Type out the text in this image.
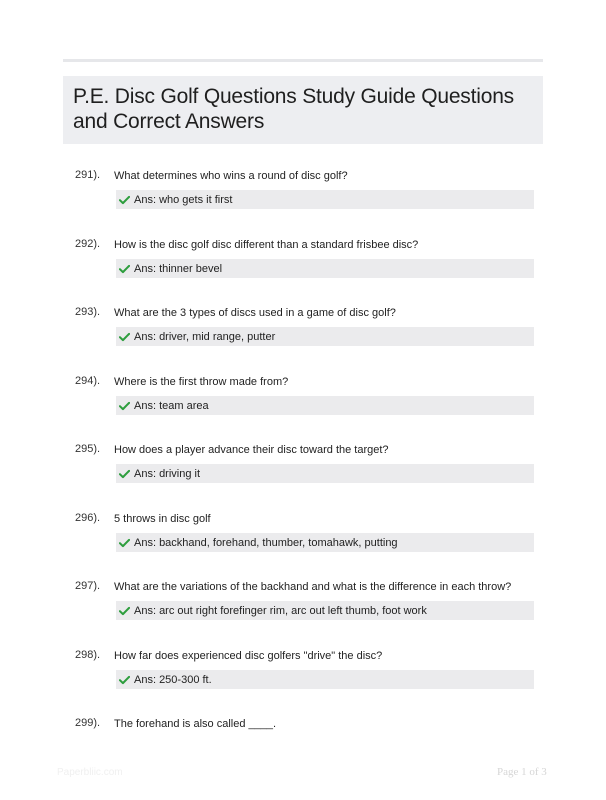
P.E. Disc Golf Questions Study Guide Questions
and Correct Answers
291). What determines who wins a round of disc golf?
Ans: who gets it first
292). How is the disc golf disc different than a standard frisbee disc?
Ans: thinner bevel
293). What are the 3 types of discs used in a game of disc golf?
Ans: driver, mid range, putter
294). Where is the first throw made from?
Ans: team area
295). How does a player advance their disc toward the target?
Ans: driving it
296). 5 throws in disc golf
Ans: backhand, forehand, thumber, tomahawk, putting
297). What are the variations of the backhand and what is the difference in each throw?
Ans: arc out right forefinger rim, arc out left thumb, foot work
298). How far does experienced disc golfers "drive" the disc?
Ans: 250-300 ft.
299). The forehand is also called ____.
Paperbliic.com	Page 1 of 3
